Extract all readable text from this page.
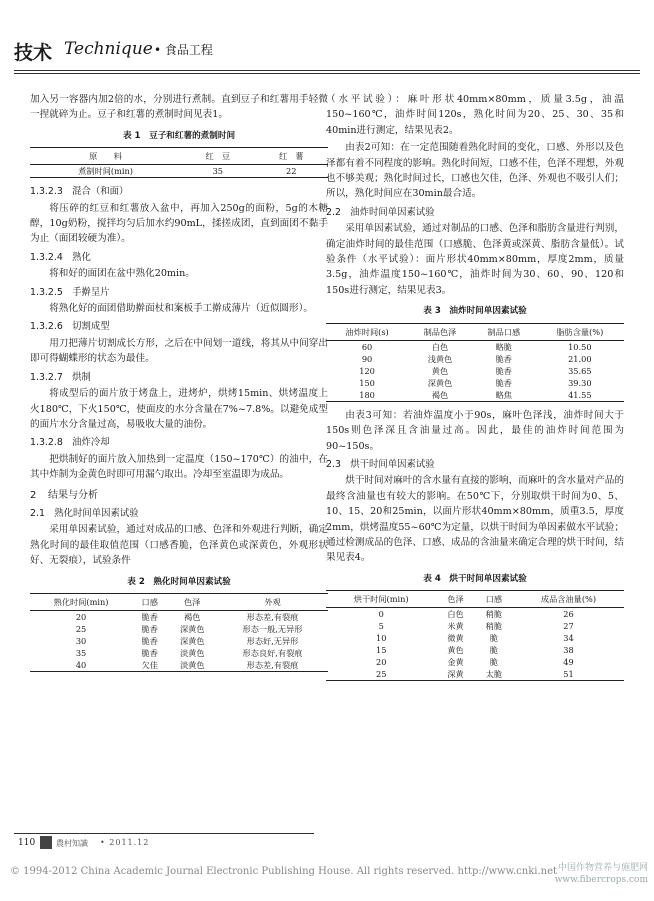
技术 Technique • 食品工程

加入另一容器内加2倍的水，分别进行煮制。直到豆子和红薯用手轻微一捏就碎为止。豆子和红薯的煮制时间见表1。

表 1　豆子和红薯的煮制时间
原　　料	红　豆	红　薯
煮制时间(min)	35	22
1.3.2.3　混合（和面）

将压碎的红豆和红薯放入盆中，再加入250g的面粉，5g的木糖醇，10g奶粉，搅拌均匀后加水约90mL，揉搓成团，直到面团不黏手为止（面团较硬为准）。

1.3.2.4　熟化

将和好的面团在盆中熟化20min。

1.3.2.5　手擀呈片

将熟化好的面团借助擀面杖和案板手工擀成薄片（近似圆形）。

1.3.2.6　切割成型

用刀把薄片切割成长方形，之后在中间划一道线，将其从中间穿出即可得蝴蝶形的状态为最佳。

1.3.2.7　烘制

将成型后的面片放于烤盘上，进烤炉，烘烤15min、烘烤温度上火180℃，下火150℃，使面皮的水分含量在7%~7.8%。以避免成型的面片水分含量过高，易吸收大量的油份。

1.3.2.8　油炸冷却

把烘制好的面片放入加热到一定温度（150~170℃）的油中，在其中炸制为金黄色时即可用漏勺取出。冷却至室温即为成品。

2 结果与分析
2.1　熟化时间单因素试验

采用单因素试验，通过对成品的口感、色泽和外观进行判断，确定熟化时间的最佳取值范围（口感香脆，色泽黄色或深黄色，外观形状好、无裂痕），试验条件

表 2　熟化时间单因素试验
熟化时间(min)	口感	色泽	外观
20	脆香	褐色	形态差,有裂痕
25	脆香	深黄色	形态一般,无异形
30	脆香	深黄色	形态好,无异形
35	脆香	淡黄色	形态良好,有裂痕
40	欠佳	淡黄色	形态差,有裂痕

（水平试验）：麻叶形状40mm×80mm，质量3.5g，油温150~160℃，油炸时间120s，熟化时间为20、25、30、35和40min进行测定，结果见表2。

由表2可知：在一定范围随着熟化时间的变化，口感、外形以及色泽都有着不同程度的影响。熟化时间短，口感不佳，色泽不理想，外观也不够美观；熟化时间过长，口感也欠佳，色泽、外观也不吸引人们；所以，熟化时间应在30min最合适。

2.2　油炸时间单因素试验

采用单因素试验，通过对制品的口感、色泽和脂肪含量进行判别，确定油炸时间的最佳范围（口感脆、色泽黄或深黄、脂肪含量低）。试验条件（水平试验）：面片形状40mm×80mm，厚度2mm，质量3.5g，油炸温度150~160℃，油炸时间为30、60、90、120和150s进行测定，结果见表3。

表 3　油炸时间单因素试验
油炸时间(s)	制品色泽	制品口感	脂肪含量(%)
60	白色	略脆	10.50
90	浅黄色	脆香	21.00
120	黄色	脆香	35.65
150	深黄色	脆香	39.30
180	褐色	略焦	41.55

由表3可知：若油炸温度小于90s，麻叶色泽浅，油炸时间大于150s则色泽深且含油量过高。因此，最佳的油炸时间范围为90~150s。

2.3　烘干时间单因素试验

烘干时间对麻叶的含水量有直接的影响，而麻叶的含水量对产品的最终含油量也有较大的影响。在50℃下，分别取烘干时间为0、5、10、15、20和25min，以面片形状40mm×80mm，质重3.5，厚度2mm，烘烤温度55~60℃为定量，以烘干时间为单因素做水平试验；通过检测成品的色泽、口感、成品的含油量来确定合理的烘干时间，结果见表4。

表 4　烘干时间单因素试验
烘干时间(min)	色泽	口感	成品含油量(%)
0	白色	稍脆	26
5	米黄	稍脆	27
10	微黄	脆	34
15	黄色	脆	38
20	金黄	脆	49
25	深黄	太脆	51
110	農村知識 • 2011.12
© 1994-2012 China Academic Journal Electronic Publishing House. All rights reserved. http://www.cnki.net 中国作物营养与施肥网 www.fibercrops.com
